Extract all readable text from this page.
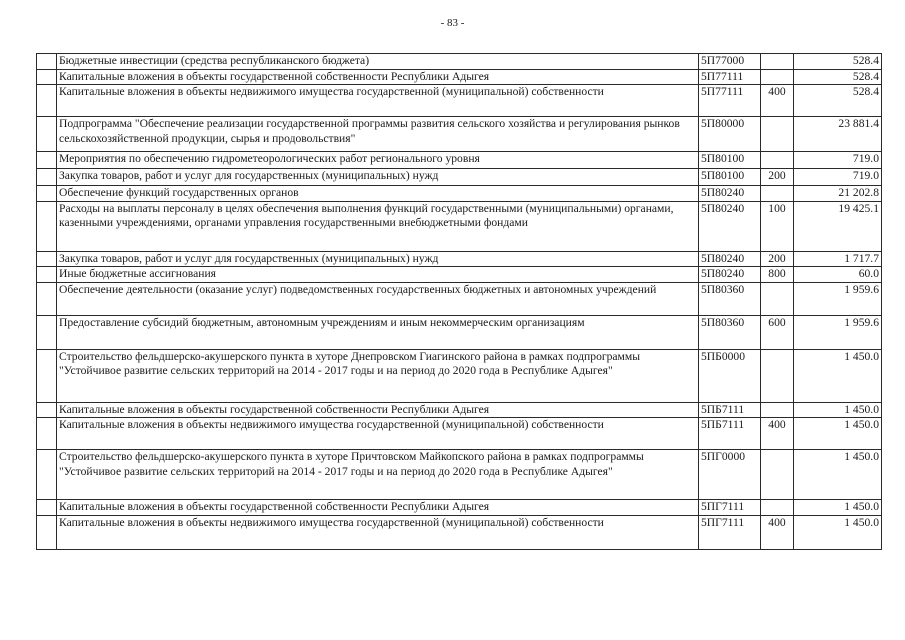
- 83 -
	Бюджетные инвестиции (средства республиканского бюджета)	5П77000		528.4
	Капитальные вложения в объекты государственной собственности Республики Адыгея	5П77111		528.4
	Капитальные вложения в объекты недвижимого имущества государственной (муниципальной) собственности	5П77111	400	528.4
	Подпрограмма "Обеспечение реализации государственной программы развития сельского хозяйства и регулирования рынков сельскохозяйственной продукции, сырья и продовольствия"	5П80000		23 881.4
	Мероприятия по обеспечению гидрометеорологических работ регионального уровня	5П80100		719.0
	Закупка товаров, работ и услуг для государственных (муниципальных) нужд	5П80100	200	719.0
	Обеспечение функций государственных органов	5П80240		21 202.8
	Расходы на выплаты персоналу в целях обеспечения выполнения функций государственными (муниципальными) органами, казенными учреждениями, органами управления государственными внебюджетными фондами	5П80240	100	19 425.1
	Закупка товаров, работ и услуг для государственных (муниципальных) нужд	5П80240	200	1 717.7
	Иные бюджетные ассигнования	5П80240	800	60.0
	Обеспечение деятельности (оказание услуг) подведомственных государственных бюджетных и автономных учреждений	5П80360		1 959.6
	Предоставление субсидий бюджетным, автономным учреждениям и иным некоммерческим организациям	5П80360	600	1 959.6
	Строительство фельдшерско-акушерского пункта в хуторе Днепровском Гиагинского района в рамках подпрограммы "Устойчивое развитие сельских территорий на 2014 - 2017 годы и на период до 2020 года в Республике Адыгея"	5ПБ0000		1 450.0
	Капитальные вложения в объекты государственной собственности Республики Адыгея	5ПБ7111		1 450.0
	Капитальные вложения в объекты недвижимого имущества государственной (муниципальной) собственности	5ПБ7111	400	1 450.0
	Строительство фельдшерско-акушерского пункта в хуторе Причтовском Майкопского района в рамках подпрограммы "Устойчивое развитие сельских территорий на 2014 - 2017 годы и на период до 2020 года в Республике Адыгея"	5ПГ0000		1 450.0
	Капитальные вложения в объекты государственной собственности Республики Адыгея	5ПГ7111		1 450.0
	Капитальные вложения в объекты недвижимого имущества государственной (муниципальной) собственности	5ПГ7111	400	1 450.0
